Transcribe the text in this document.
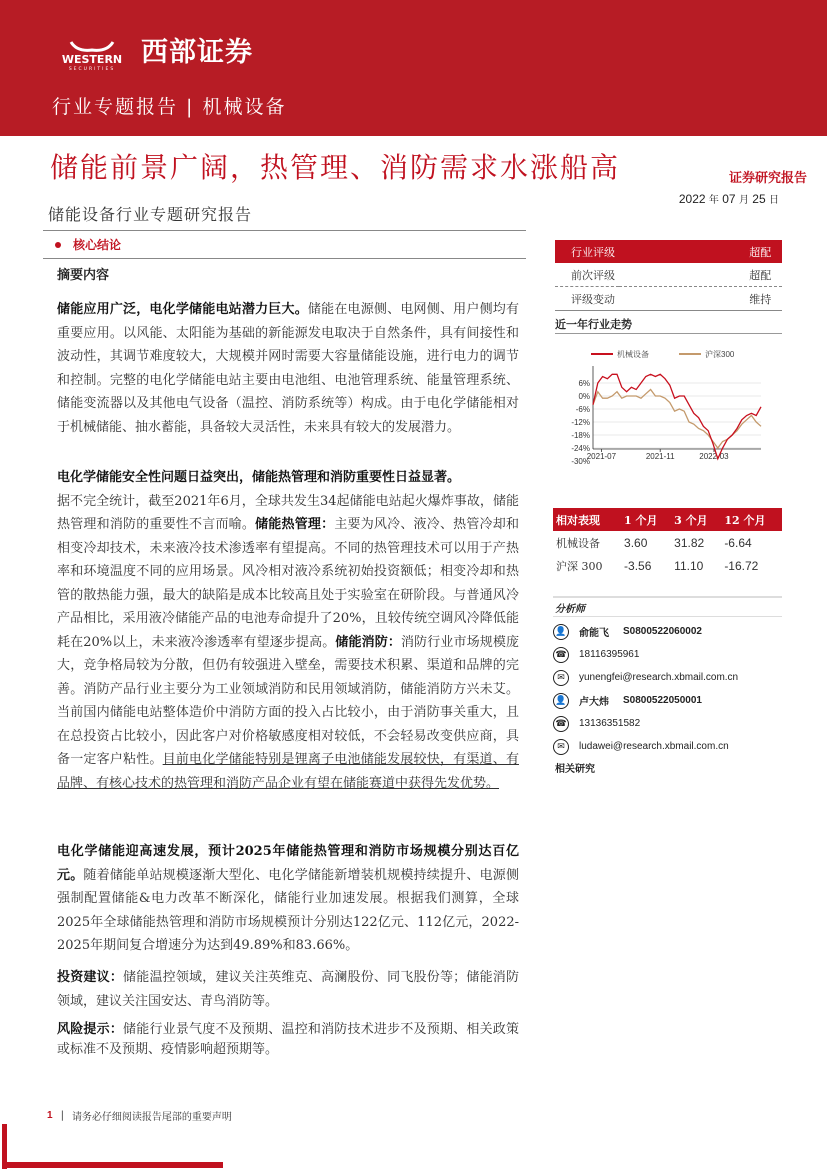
WESTERN
SECURITIES
西部证券
行业专题报告 | 机械设备
储能前景广阔，热管理、消防需求水涨船高	证券研究报告
2022 年 07 月 25 日
储能设备行业专题研究报告
核心结论
摘要内容

储能应用广泛，电化学储能电站潜力巨大。储能在电源侧、电网侧、用户侧均有重要应用。以风能、太阳能为基础的新能源发电取决于自然条件，具有间接性和波动性，其调节难度较大，大规模并网时需要大容量储能设施，进行电力的调节和控制。完整的电化学储能电站主要由电池组、电池管理系统、能量管理系统、储能变流器以及其他电气设备（温控、消防系统等）构成。由于电化学储能相对于机械储能、抽水蓄能，具备较大灵活性，未来具有较大的发展潜力。

电化学储能安全性问题日益突出，储能热管理和消防重要性日益显著。
据不完全统计，截至2021年6月，全球共发生34起储能电站起火爆炸事故，储能热管理和消防的重要性不言而喻。储能热管理：主要为风冷、液冷、热管冷却和相变冷却技术，未来液冷技术渗透率有望提高。不同的热管理技术可以用于产热率和环境温度不同的应用场景。风冷相对液冷系统初始投资额低；相变冷却和热管的散热能力强，最大的缺陷是成本比较高且处于实验室在研阶段。与普通风冷产品相比，采用液冷储能产品的电池寿命提升了20%，且较传统空调风冷降低能耗在20%以上，未来液冷渗透率有望逐步提高。储能消防：消防行业市场规模庞大，竞争格局较为分散，但仍有较强进入壁垒，需要技术积累、渠道和品牌的完善。消防产品行业主要分为工业领域消防和民用领域消防，储能消防方兴未艾。当前国内储能电站整体造价中消防方面的投入占比较小，由于消防事关重大，且在总投资占比较小，因此客户对价格敏感度相对较低，不会轻易改变供应商，具备一定客户粘性。目前电化学储能特别是锂离子电池储能发展较快，有渠道、有品牌、有核心技术的热管理和消防产品企业有望在储能赛道中获得先发优势。

电化学储能迎高速发展，预计2025年储能热管理和消防市场规模分别达百亿元。随着储能单站规模逐渐大型化、电化学储能新增装机规模持续提升、电源侧强制配置储能&电力改革不断深化，储能行业加速发展。根据我们测算，全球2025年全球储能热管理和消防市场规模预计分别达122亿元、112亿元，2022-2025年期间复合增速分为达到49.89%和83.66%。

投资建议：储能温控领域，建议关注英维克、高澜股份、同飞股份等；储能消防领域，建议关注国安达、青鸟消防等。

风险提示：储能行业景气度不及预期、温控和消防技术进步不及预期、相关政策或标准不及预期、疫情影响超预期等。

行业评级	超配
前次评级	超配
评级变动	维持
近一年行业走势
机械设备	沪深300
6%
0%
-6%
-12%
-18%
-24%
-30%
2021-07	2021-11	2022-03
相对表现	1 个月	3 个月	12 个月
机械设备	3.60	31.82	-6.64
沪深 300	-3.56	11.10	-16.72
分析师
👤 俞能飞 S0800522060002
☎ 18116395961
✉	yunengfei@research.xbmail.com.cn
👤 卢大炜 S0800522050001
☎ 13136351582
✉	ludawei@research.xbmail.com.cn
相关研究
1 | 请务必仔细阅读报告尾部的重要声明
